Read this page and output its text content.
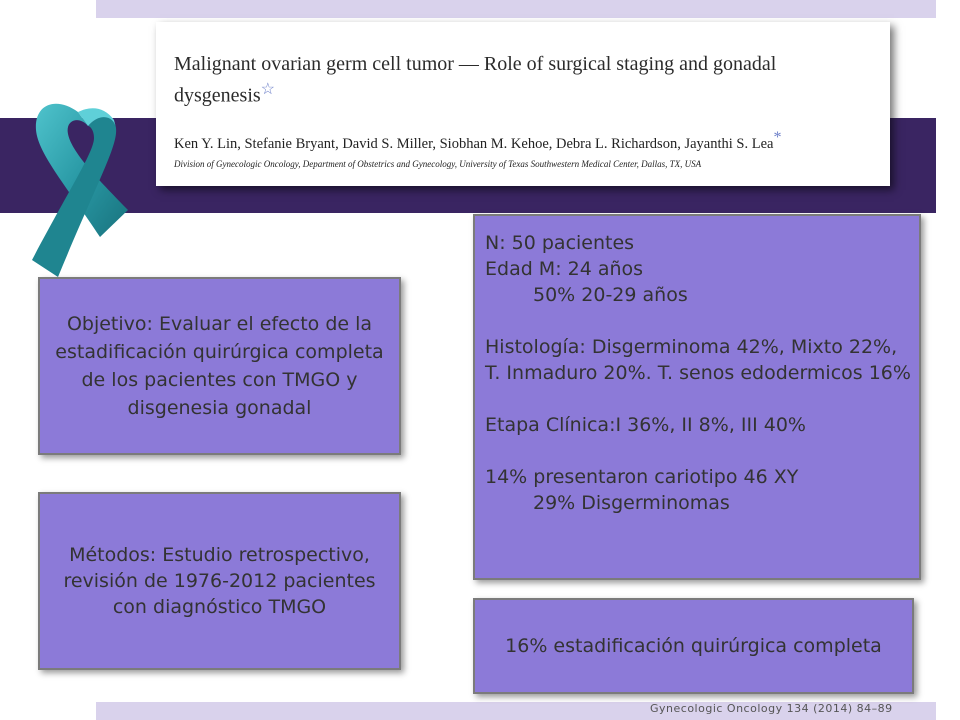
Malignant ovarian germ cell tumor — Role of surgical staging and gonadal dysgenesis☆

Ken Y. Lin, Stefanie Bryant, David S. Miller, Siobhan M. Kehoe, Debra L. Richardson, Jayanthi S. Lea*
Division of Gynecologic Oncology, Department of Obstetrics and Gynecology, University of Texas Southwestern Medical Center, Dallas, TX, USA
Objetivo: Evaluar el efecto de la estadificación quirúrgica completa de los pacientes con TMGO y disgenesia gonadal
Métodos: Estudio retrospectivo, revisión de 1976-2012 pacientes con diagnóstico TMGO

N: 50 pacientes

Edad M: 24 años

50% 20-29 años

Histología: Disgerminoma 42%, Mixto 22%, T. Inmaduro 20%. T. senos edodermicos 16%

Etapa Clínica:I 36%, II 8%, III 40%

14% presentaron cariotipo 46 XY

29% Disgerminomas

16% estadificación quirúrgica completa
Gynecologic Oncology 134 (2014) 84–89
